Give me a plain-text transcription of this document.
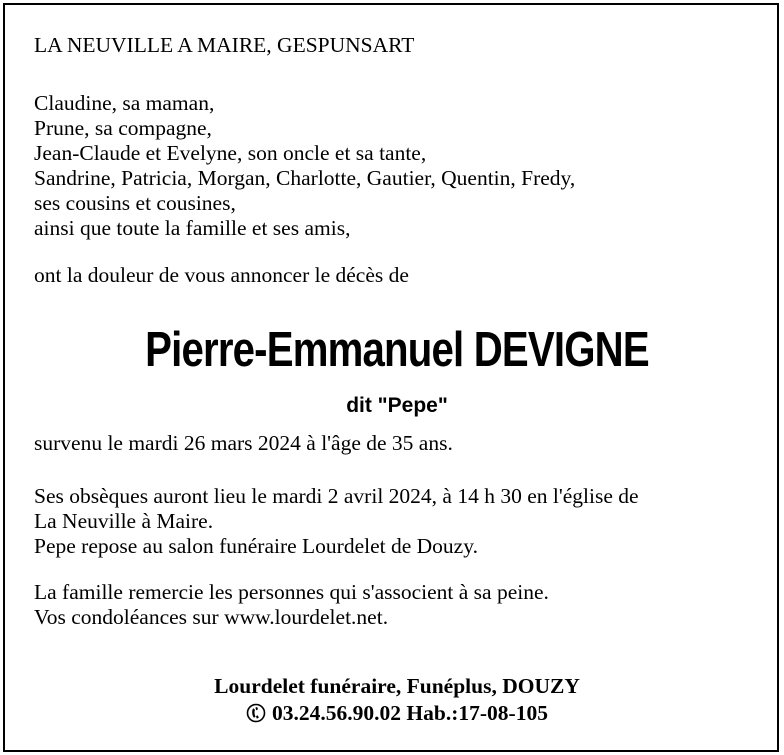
LA NEUVILLE A MAIRE, GESPUNSART
Claudine, sa maman,
Prune, sa compagne,
Jean-Claude et Evelyne, son oncle et sa tante,
Sandrine, Patricia, Morgan, Charlotte, Gautier, Quentin, Fredy,
ses cousins et cousines,
ainsi que toute la famille et ses amis,
ont la douleur de vous annoncer le décès de
Pierre-Emmanuel DEVIGNE
dit "Pepe"
survenu le mardi 26 mars 2024 à l'âge de 35 ans.
Ses obsèques auront lieu le mardi 2 avril 2024, à 14 h 30 en l'église de
La Neuville à Maire.
Pepe repose au salon funéraire Lourdelet de Douzy.
La famille remercie les personnes qui s'associent à sa peine.
Vos condoléances sur www.lourdelet.net.
Lourdelet funéraire, Funéplus, DOUZY
03.24.56.90.02 Hab.:17-08-105
